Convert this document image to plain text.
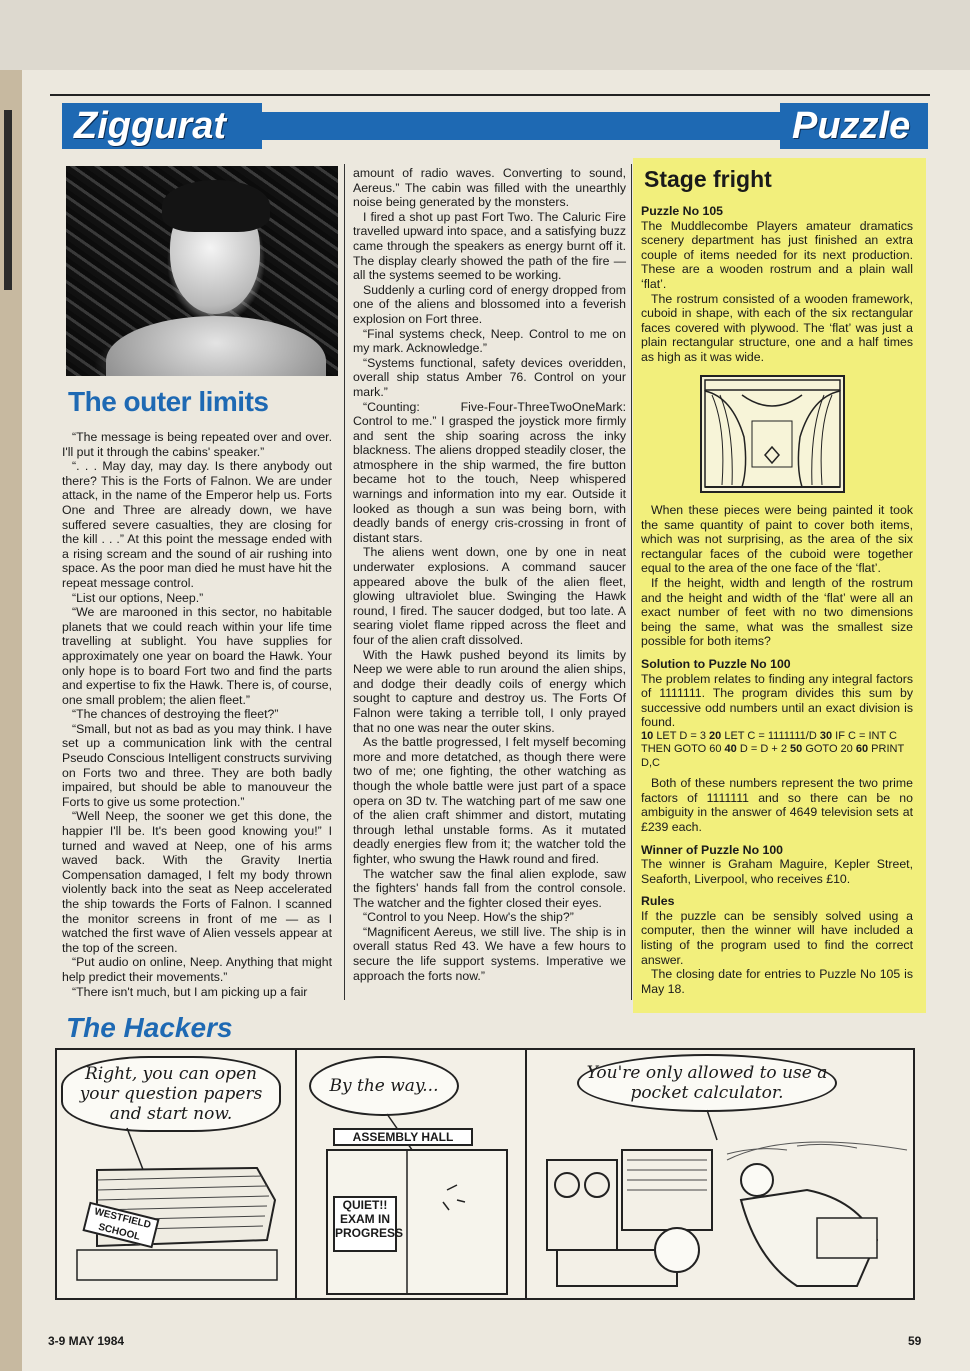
Ziggurat	Puzzle
The outer limits

“The message is being repeated over and over. I'll put it through the cabins' speaker.”

“. . . May day, may day. Is there anybody out there? This is the Forts of Falnon. We are under attack, in the name of the Emperor help us. Forts One and Three are already down, we have suffered severe casualties, they are closing for the kill . . .” At this point the message ended with a rising scream and the sound of air rushing into space. As the poor man died he must have hit the repeat message control.

“List our options, Neep.”

“We are marooned in this sector, no habitable planets that we could reach within your life time travelling at sublight. You have supplies for approximately one year on board the Hawk. Your only hope is to board Fort two and find the parts and expertise to fix the Hawk. There is, of course, one small problem; the alien fleet.”

“The chances of destroying the fleet?”

“Small, but not as bad as you may think. I have set up a communication link with the central Pseudo Conscious Intelligent constructs surviving on Forts two and three. They are both badly impaired, but should be able to manouveur the Forts to give us some protection.”

“Well Neep, the sooner we get this done, the happier I'll be. It's been good knowing you!” I turned and waved at Neep, one of his arms waved back. With the Gravity Inertia Compensation damaged, I felt my body thrown violently back into the seat as Neep accelerated the ship towards the Forts of Falnon. I scanned the monitor screens in front of me — as I watched the first wave of Alien vessels appear at the top of the screen.

“Put audio on online, Neep. Anything that might help predict their movements.”

“There isn't much, but I am picking up a fair

amount of radio waves. Converting to sound, Aereus.” The cabin was filled with the unearthly noise being generated by the monsters.

I fired a shot up past Fort Two. The Caluric Fire travelled upward into space, and a satisfying buzz came through the speakers as energy burnt off it. The display clearly showed the path of the fire — all the systems seemed to be working.

Suddenly a curling cord of energy dropped from one of the aliens and blossomed into a feverish explosion on Fort three.

“Final systems check, Neep. Control to me on my mark. Acknowledge.”

“Systems functional, safety devices overidden, overall ship status Amber 76. Control on your mark.”

“Counting: Five-Four-ThreeTwoOneMark: Control to me.” I grasped the joystick more firmly and sent the ship soaring across the inky blackness. The aliens dropped steadily closer, the atmosphere in the ship warmed, the fire button became hot to the touch, Neep whispered warnings and information into my ear. Outside it looked as though a sun was being born, with deadly bands of energy cris-crossing in front of distant stars.

The aliens went down, one by one in neat underwater explosions. A command saucer appeared above the bulk of the alien fleet, glowing ultraviolet blue. Swinging the Hawk round, I fired. The saucer dodged, but too late. A searing violet flame ripped across the fleet and four of the alien craft dissolved.

With the Hawk pushed beyond its limits by Neep we were able to run around the alien ships, and dodge their deadly coils of energy which sought to capture and destroy us. The Forts Of Falnon were taking a terrible toll, I only prayed that no one was near the outer skins.

As the battle progressed, I felt myself becoming more and more detatched, as though there were two of me; one fighting, the other watching as though the whole battle were just part of a space opera on 3D tv. The watching part of me saw one of the alien craft shimmer and distort, mutating through lethal unstable forms. As it mutated deadly energies flew from it; the watcher told the fighter, who swung the Hawk round and fired.

The watcher saw the final alien explode, saw the fighters' hands fall from the control console. The watcher and the fighter closed their eyes.

“Control to you Neep. How's the ship?”

“Magnificent Aereus, we still live. The ship is in overall status Red 43. We have a few hours to secure the life support systems. Imperative we approach the forts now.”

Stage fright

Puzzle No 105

The Muddlecombe Players amateur dramatics scenery department has just finished an extra couple of items needed for its next production. These are a wooden rostrum and a plain wall ‘flat’.

The rostrum consisted of a wooden framework, cuboid in shape, with each of the six rectangular faces covered with plywood. The ‘flat’ was just a plain rectangular structure, one and a half times as high as it was wide.

When these pieces were being painted it took the same quantity of paint to cover both items, which was not surprising, as the area of the six rectangular faces of the cuboid were together equal to the area of the one face of the ‘flat’.

If the height, width and length of the rostrum and the height and width of the ‘flat’ were all an exact number of feet with no two dimensions being the same, what was the smallest size possible for both items?

Solution to Puzzle No 100

The problem relates to finding any integral factors of 1111111. The program divides this sum by successive odd numbers until an exact division is found.

10 LET D = 3 20 LET C = 1111111/D 30 IF C = INT C THEN GOTO 60 40 D = D + 2 50 GOTO 20 60 PRINT D,C

Both of these numbers represent the two prime factors of 1111111 and so there can be no ambiguity in the answer of 4649 television sets at £239 each.

Winner of Puzzle No 100

The winner is Graham Maguire, Kepler Street, Seaforth, Liverpool, who receives £10.

Rules

If the puzzle can be sensibly solved using a computer, then the winner will have included a listing of the program used to find the correct answer.

The closing date for entries to Puzzle No 105 is May 18.

The Hackers
Right, you can open your question papers and start now.
WESTFIELD SCHOOL
By the way...
ASSEMBLY HALL
QUIET!! EXAM IN PROGRESS
You're only allowed to use a pocket calculator.
3-9 MAY 1984	59
